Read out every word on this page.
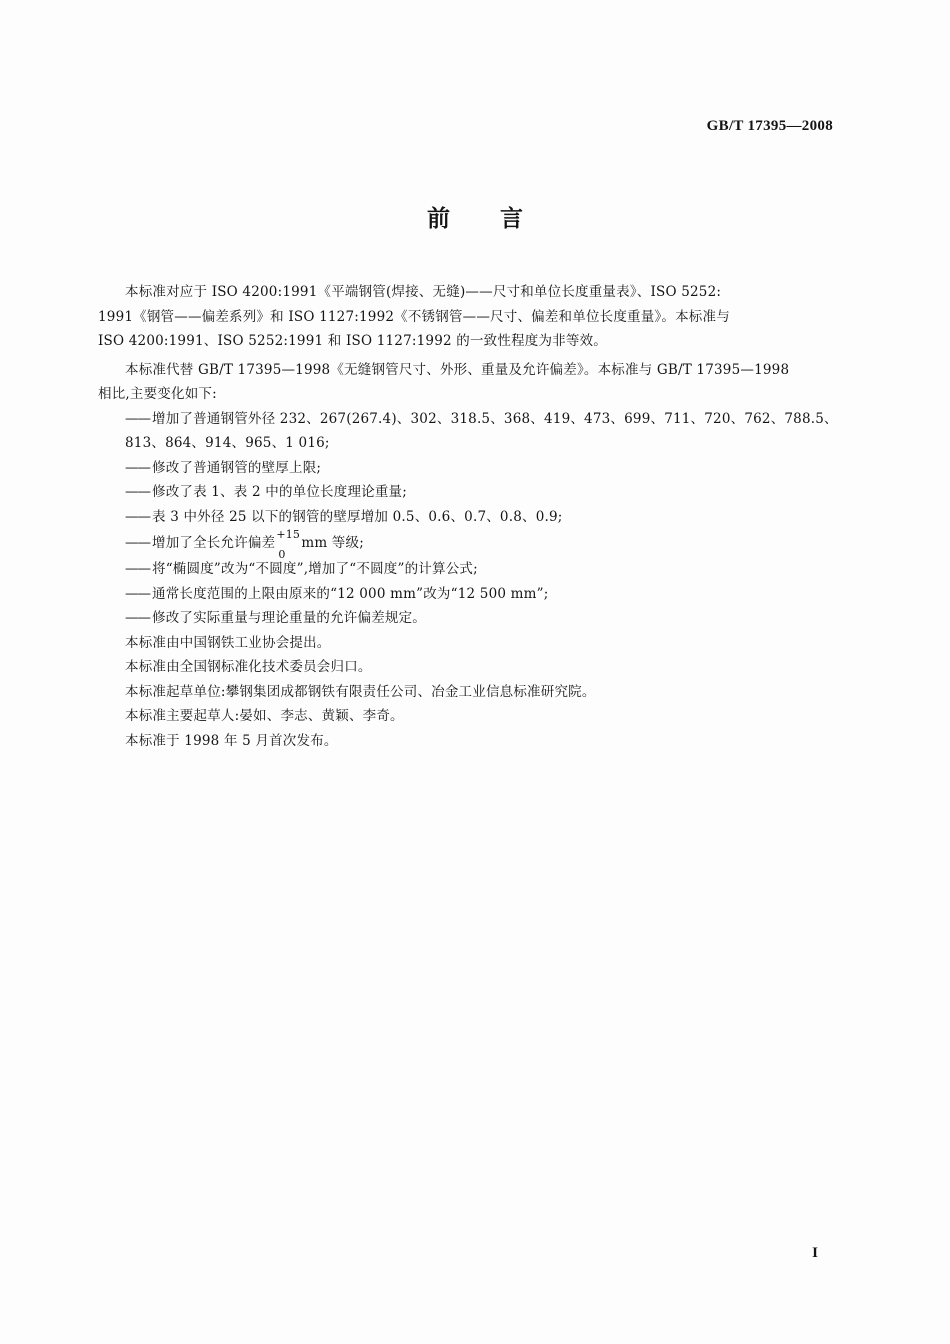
GB/T 17395—2008
前 言

本标准对应于 ISO 4200:1991《平端钢管(焊接、无缝)——尺寸和单位长度重量表》、ISO 5252:

1991《钢管——偏差系列》和 ISO 1127:1992《不锈钢管——尺寸、偏差和单位长度重量》。本标准与

ISO 4200:1991、ISO 5252:1991 和 ISO 1127:1992 的一致性程度为非等效。

本标准代替 GB/T 17395—1998《无缝钢管尺寸、外形、重量及允许偏差》。本标准与 GB/T 17395—1998

相比,主要变化如下:

—— 增加了普通钢管外径 232、267(267.4)、302、318.5、368、419、473、699、711、720、762、788.5、

813、864、914、965、1 016;

—— 修改了普通钢管的壁厚上限;

—— 修改了表 1、表 2 中的单位长度理论重量;

—— 表 3 中外径 25 以下的钢管的壁厚增加 0.5、0.6、0.7、0.8、0.9;

—— 增加了全长允许偏差
+15
0
mm 等级;

—— 将“椭圆度”改为“不圆度”,增加了“不圆度”的计算公式;

—— 通常长度范围的上限由原来的“12 000 mm”改为“12 500 mm”;

—— 修改了实际重量与理论重量的允许偏差规定。

本标准由中国钢铁工业协会提出。

本标准由全国钢标准化技术委员会归口。

本标准起草单位:攀钢集团成都钢铁有限责任公司、冶金工业信息标准研究院。

本标准主要起草人:晏如、李志、黄颖、李奇。

本标准于 1998 年 5 月首次发布。

I
